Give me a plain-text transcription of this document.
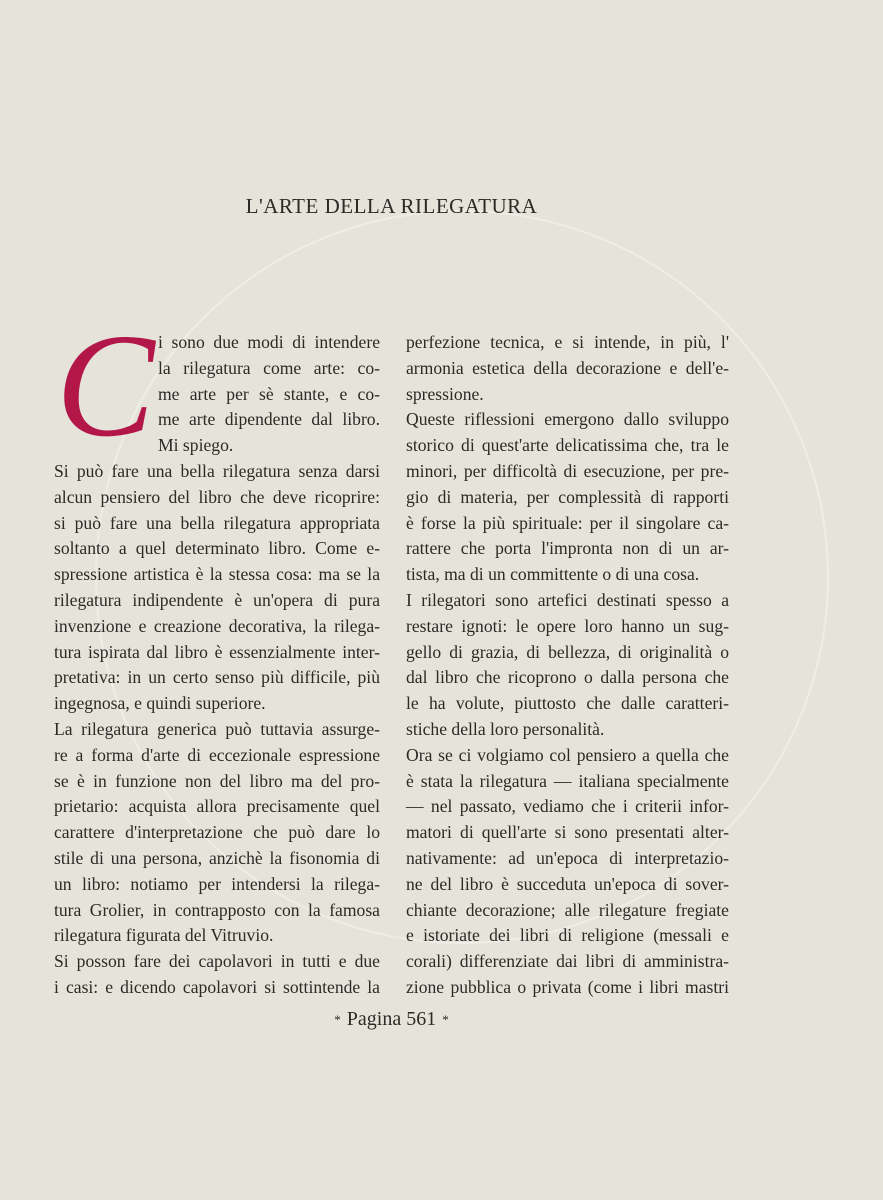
L'ARTE DELLA RILEGATURA
C i sono due modi di intendere
la rilegatura come arte: co-
me arte per sè stante, e co-
me arte dipendente dal libro.
Mi spiego.
Si può fare una bella rilegatura senza darsi
alcun pensiero del libro che deve ricoprire:
si può fare una bella rilegatura appropriata
soltanto a quel determinato libro. Come e-
spressione artistica è la stessa cosa: ma se la
rilegatura indipendente è un'opera di pura
invenzione e creazione decorativa, la rilega-
tura ispirata dal libro è essenzialmente inter-
pretativa: in un certo senso più difficile, più
ingegnosa, e quindi superiore.
La rilegatura generica può tuttavia assurge-
re a forma d'arte di eccezionale espressione
se è in funzione non del libro ma del pro-
prietario: acquista allora precisamente quel
carattere d'interpretazione che può dare lo
stile di una persona, anzichè la fisonomia di
un libro: notiamo per intendersi la rilega-
tura Grolier, in contrapposto con la famosa
rilegatura figurata del Vitruvio.
Si posson fare dei capolavori in tutti e due
i casi: e dicendo capolavori si sottintende la
perfezione tecnica, e si intende, in più, l'
armonia estetica della decorazione e dell'e-
spressione.
Queste riflessioni emergono dallo sviluppo
storico di quest'arte delicatissima che, tra le
minori, per difficoltà di esecuzione, per pre-
gio di materia, per complessità di rapporti
è forse la più spirituale: per il singolare ca-
rattere che porta l'impronta non di un ar-
tista, ma di un committente o di una cosa.
I rilegatori sono artefici destinati spesso a
restare ignoti: le opere loro hanno un sug-
gello di grazia, di bellezza, di originalità o
dal libro che ricoprono o dalla persona che
le ha volute, piuttosto che dalle caratteri-
stiche della loro personalità.
Ora se ci volgiamo col pensiero a quella che
è stata la rilegatura — italiana specialmente
— nel passato, vediamo che i criterii infor-
matori di quell'arte si sono presentati alter-
nativamente: ad un'epoca di interpretazio-
ne del libro è succeduta un'epoca di sover-
chiante decorazione; alle rilegature fregiate
e istoriate dei libri di religione (messali e
corali) differenziate dai libri di amministra-
zione pubblica o privata (come i libri mastri
* Pagina 561 *
